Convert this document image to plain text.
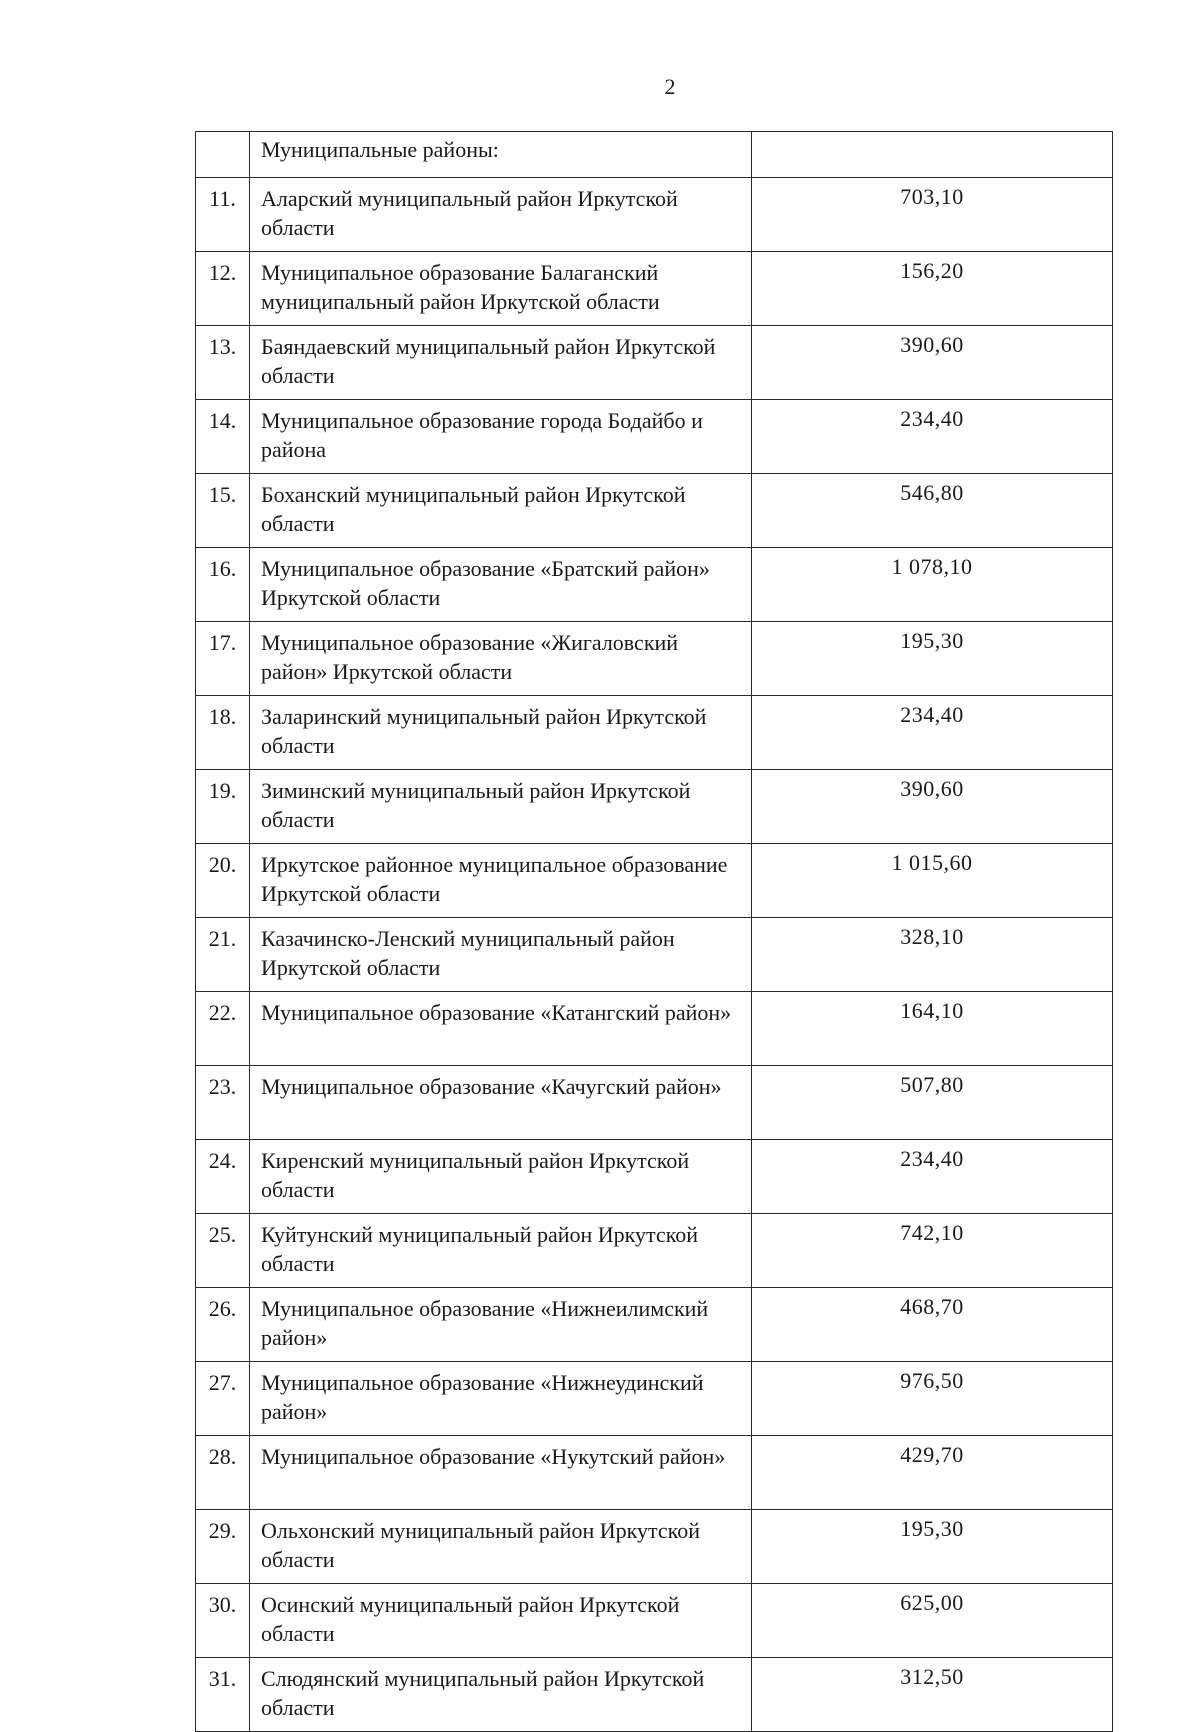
2
	Муниципальные районы:	
11.	Аларский муниципальный район Иркутской области	703,10
12.	Муниципальное образование Балаганский муниципальный район Иркутской области	156,20
13.	Баяндаевский муниципальный район Иркутской области	390,60
14.	Муниципальное образование города Бодайбо и района	234,40
15.	Боханский муниципальный район Иркутской области	546,80
16.	Муниципальное образование «Братский район» Иркутской области	1 078,10
17.	Муниципальное образование «Жигаловский район» Иркутской области	195,30
18.	Заларинский муниципальный район Иркутской области	234,40
19.	Зиминский муниципальный район Иркутской области	390,60
20.	Иркутское районное муниципальное образование Иркутской области	1 015,60
21.	Казачинско-Ленский муниципальный район Иркутской области	328,10
22.	Муниципальное образование «Катангский район»	164,10
23.	Муниципальное образование «Качугский район»	507,80
24.	Киренский муниципальный район Иркутской области	234,40
25.	Куйтунский муниципальный район Иркутской области	742,10
26.	Муниципальное образование «Нижнеилимский район»	468,70
27.	Муниципальное образование «Нижнеудинский район»	976,50
28.	Муниципальное образование «Нукутский район»	429,70
29.	Ольхонский муниципальный район Иркутской области	195,30
30.	Осинский муниципальный район Иркутской области	625,00
31.	Слюдянский муниципальный район Иркутской области	312,50
